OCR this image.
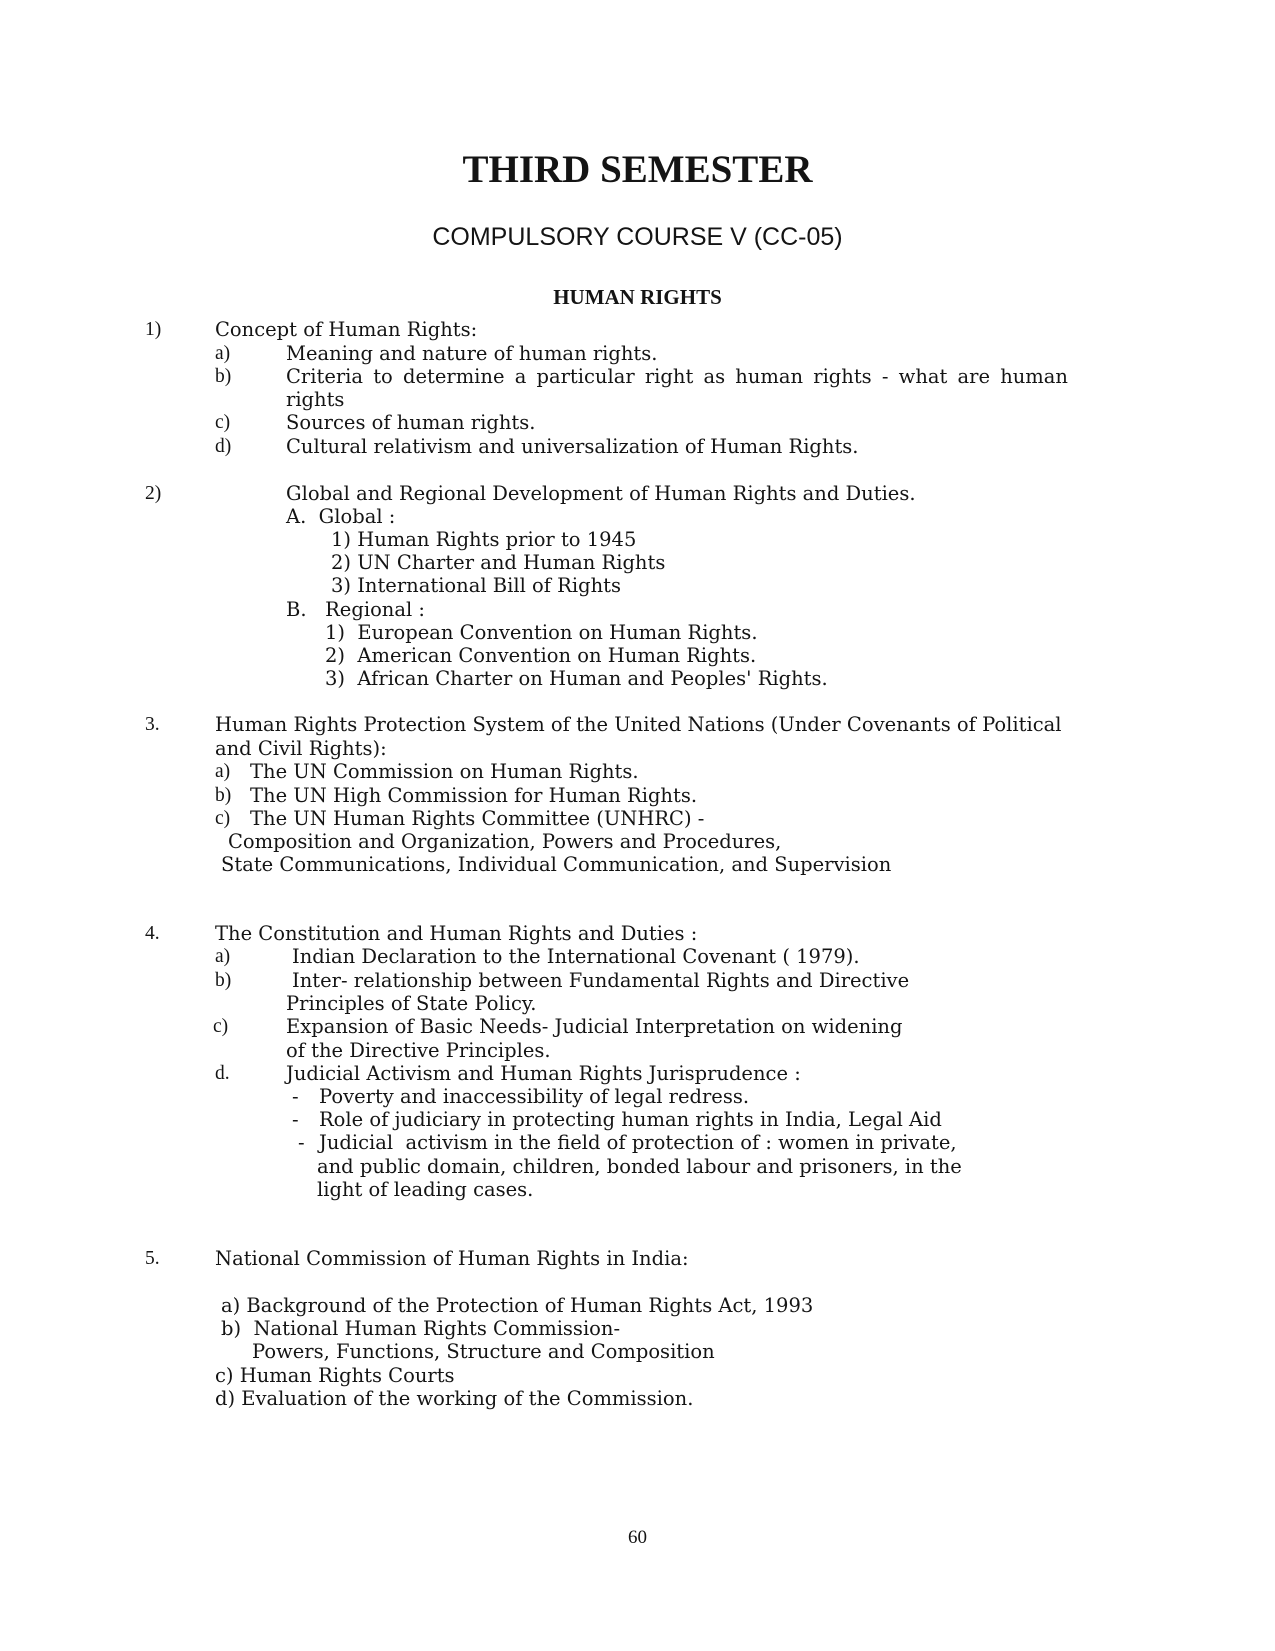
THIRD SEMESTER
COMPULSORY COURSE V (CC-05)
HUMAN RIGHTS
1)	Concept of Human Rights:
a)	Meaning and nature of human rights.
b)	Criteria to determine a particular right as human rights - what are human
rights
c)	Sources of human rights.
d)	Cultural relativism and universalization of Human Rights.
2)	Global and Regional Development of Human Rights and Duties.
A.  Global :
1) Human Rights prior to 1945
2) UN Charter and Human Rights
3) International Bill of Rights
B.   Regional :
1)  European Convention on Human Rights.
2)  American Convention on Human Rights.
3)  African Charter on Human and Peoples' Rights.
3.	Human Rights Protection System of the United Nations (Under Covenants of Political
and Civil Rights):
a) The UN Commission on Human Rights.
b) The UN High Commission for Human Rights.
c) The UN Human Rights Committee (UNHRC) -
Composition and Organization, Powers and Procedures,
State Communications, Individual Communication, and Supervision
4.	The Constitution and Human Rights and Duties :
a)	Indian Declaration to the International Covenant ( 1979).
b)	Inter- relationship between Fundamental Rights and Directive
Principles of State Policy.
c)	Expansion of Basic Needs- Judicial Interpretation on widening
of the Directive Principles.
d.	Judicial Activism and Human Rights Jurisprudence :
- Poverty and inaccessibility of legal redress.
- Role of judiciary in protecting human rights in India, Legal Aid
- Judicial  activism in the field of protection of : women in private,
and public domain, children, bonded labour and prisoners, in the
light of leading cases.
5.	National Commission of Human Rights in India:
a) Background of the Protection of Human Rights Act, 1993
b)  National Human Rights Commission-
Powers, Functions, Structure and Composition
c) Human Rights Courts
d) Evaluation of the working of the Commission.
60
